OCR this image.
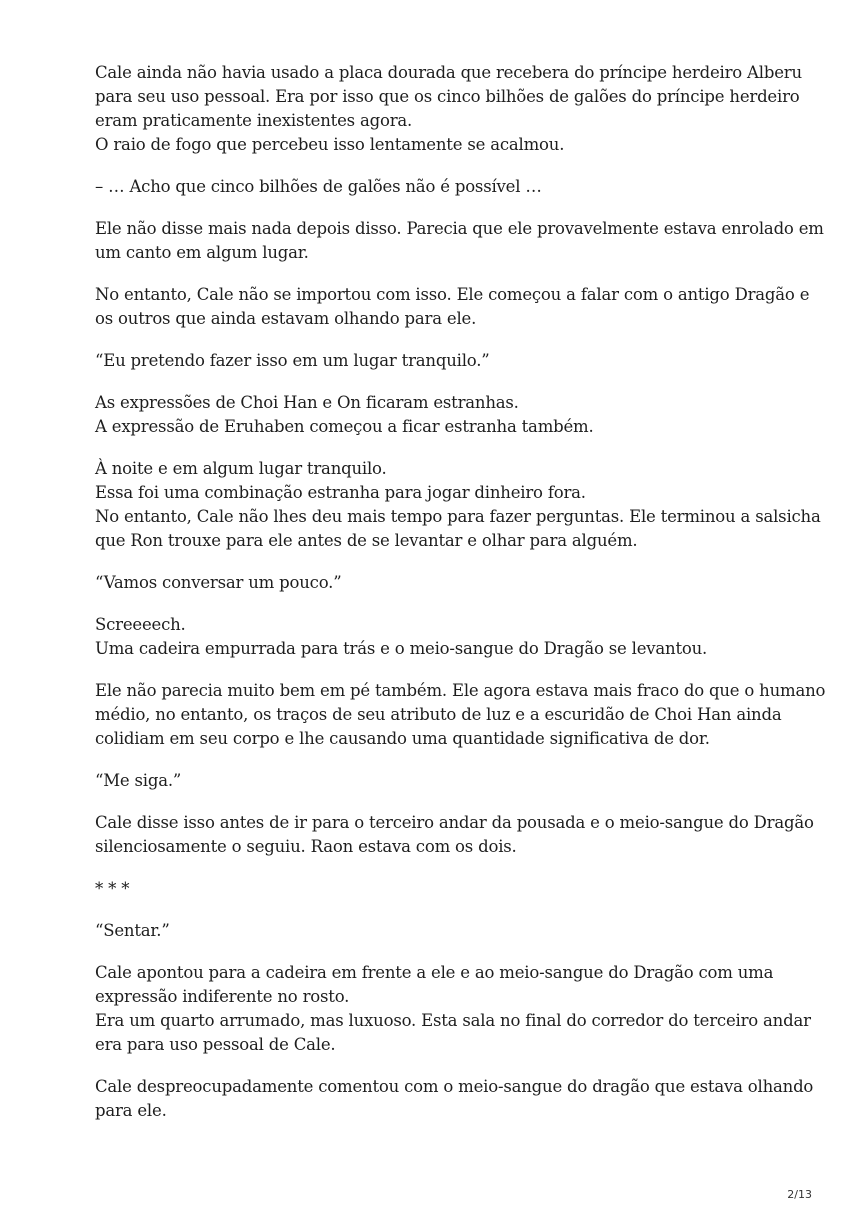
Cale ainda não havia usado a placa dourada que recebera do príncipe herdeiro Alberu
para seu uso pessoal. Era por isso que os cinco bilhões de galões do príncipe herdeiro
eram praticamente inexistentes agora.
O raio de fogo que percebeu isso lentamente se acalmou.

– … Acho que cinco bilhões de galões não é possível …

Ele não disse mais nada depois disso. Parecia que ele provavelmente estava enrolado em
um canto em algum lugar.

No entanto, Cale não se importou com isso. Ele começou a falar com o antigo Dragão e
os outros que ainda estavam olhando para ele.

“Eu pretendo fazer isso em um lugar tranquilo.”

As expressões de Choi Han e On ficaram estranhas.
A expressão de Eruhaben começou a ficar estranha também.

À noite e em algum lugar tranquilo.
Essa foi uma combinação estranha para jogar dinheiro fora.
No entanto, Cale não lhes deu mais tempo para fazer perguntas. Ele terminou a salsicha
que Ron trouxe para ele antes de se levantar e olhar para alguém.

“Vamos conversar um pouco.”

Screeeech.
Uma cadeira empurrada para trás e o meio-sangue do Dragão se levantou.

Ele não parecia muito bem em pé também. Ele agora estava mais fraco do que o humano
médio, no entanto, os traços de seu atributo de luz e a escuridão de Choi Han ainda
colidiam em seu corpo e lhe causando uma quantidade significativa de dor.

“Me siga.”

Cale disse isso antes de ir para o terceiro andar da pousada e o meio-sangue do Dragão
silenciosamente o seguiu. Raon estava com os dois.

* * *

“Sentar.”

Cale apontou para a cadeira em frente a ele e ao meio-sangue do Dragão com uma
expressão indiferente no rosto.
Era um quarto arrumado, mas luxuoso. Esta sala no final do corredor do terceiro andar
era para uso pessoal de Cale.

Cale despreocupadamente comentou com o meio-sangue do dragão que estava olhando
para ele.

2/13
